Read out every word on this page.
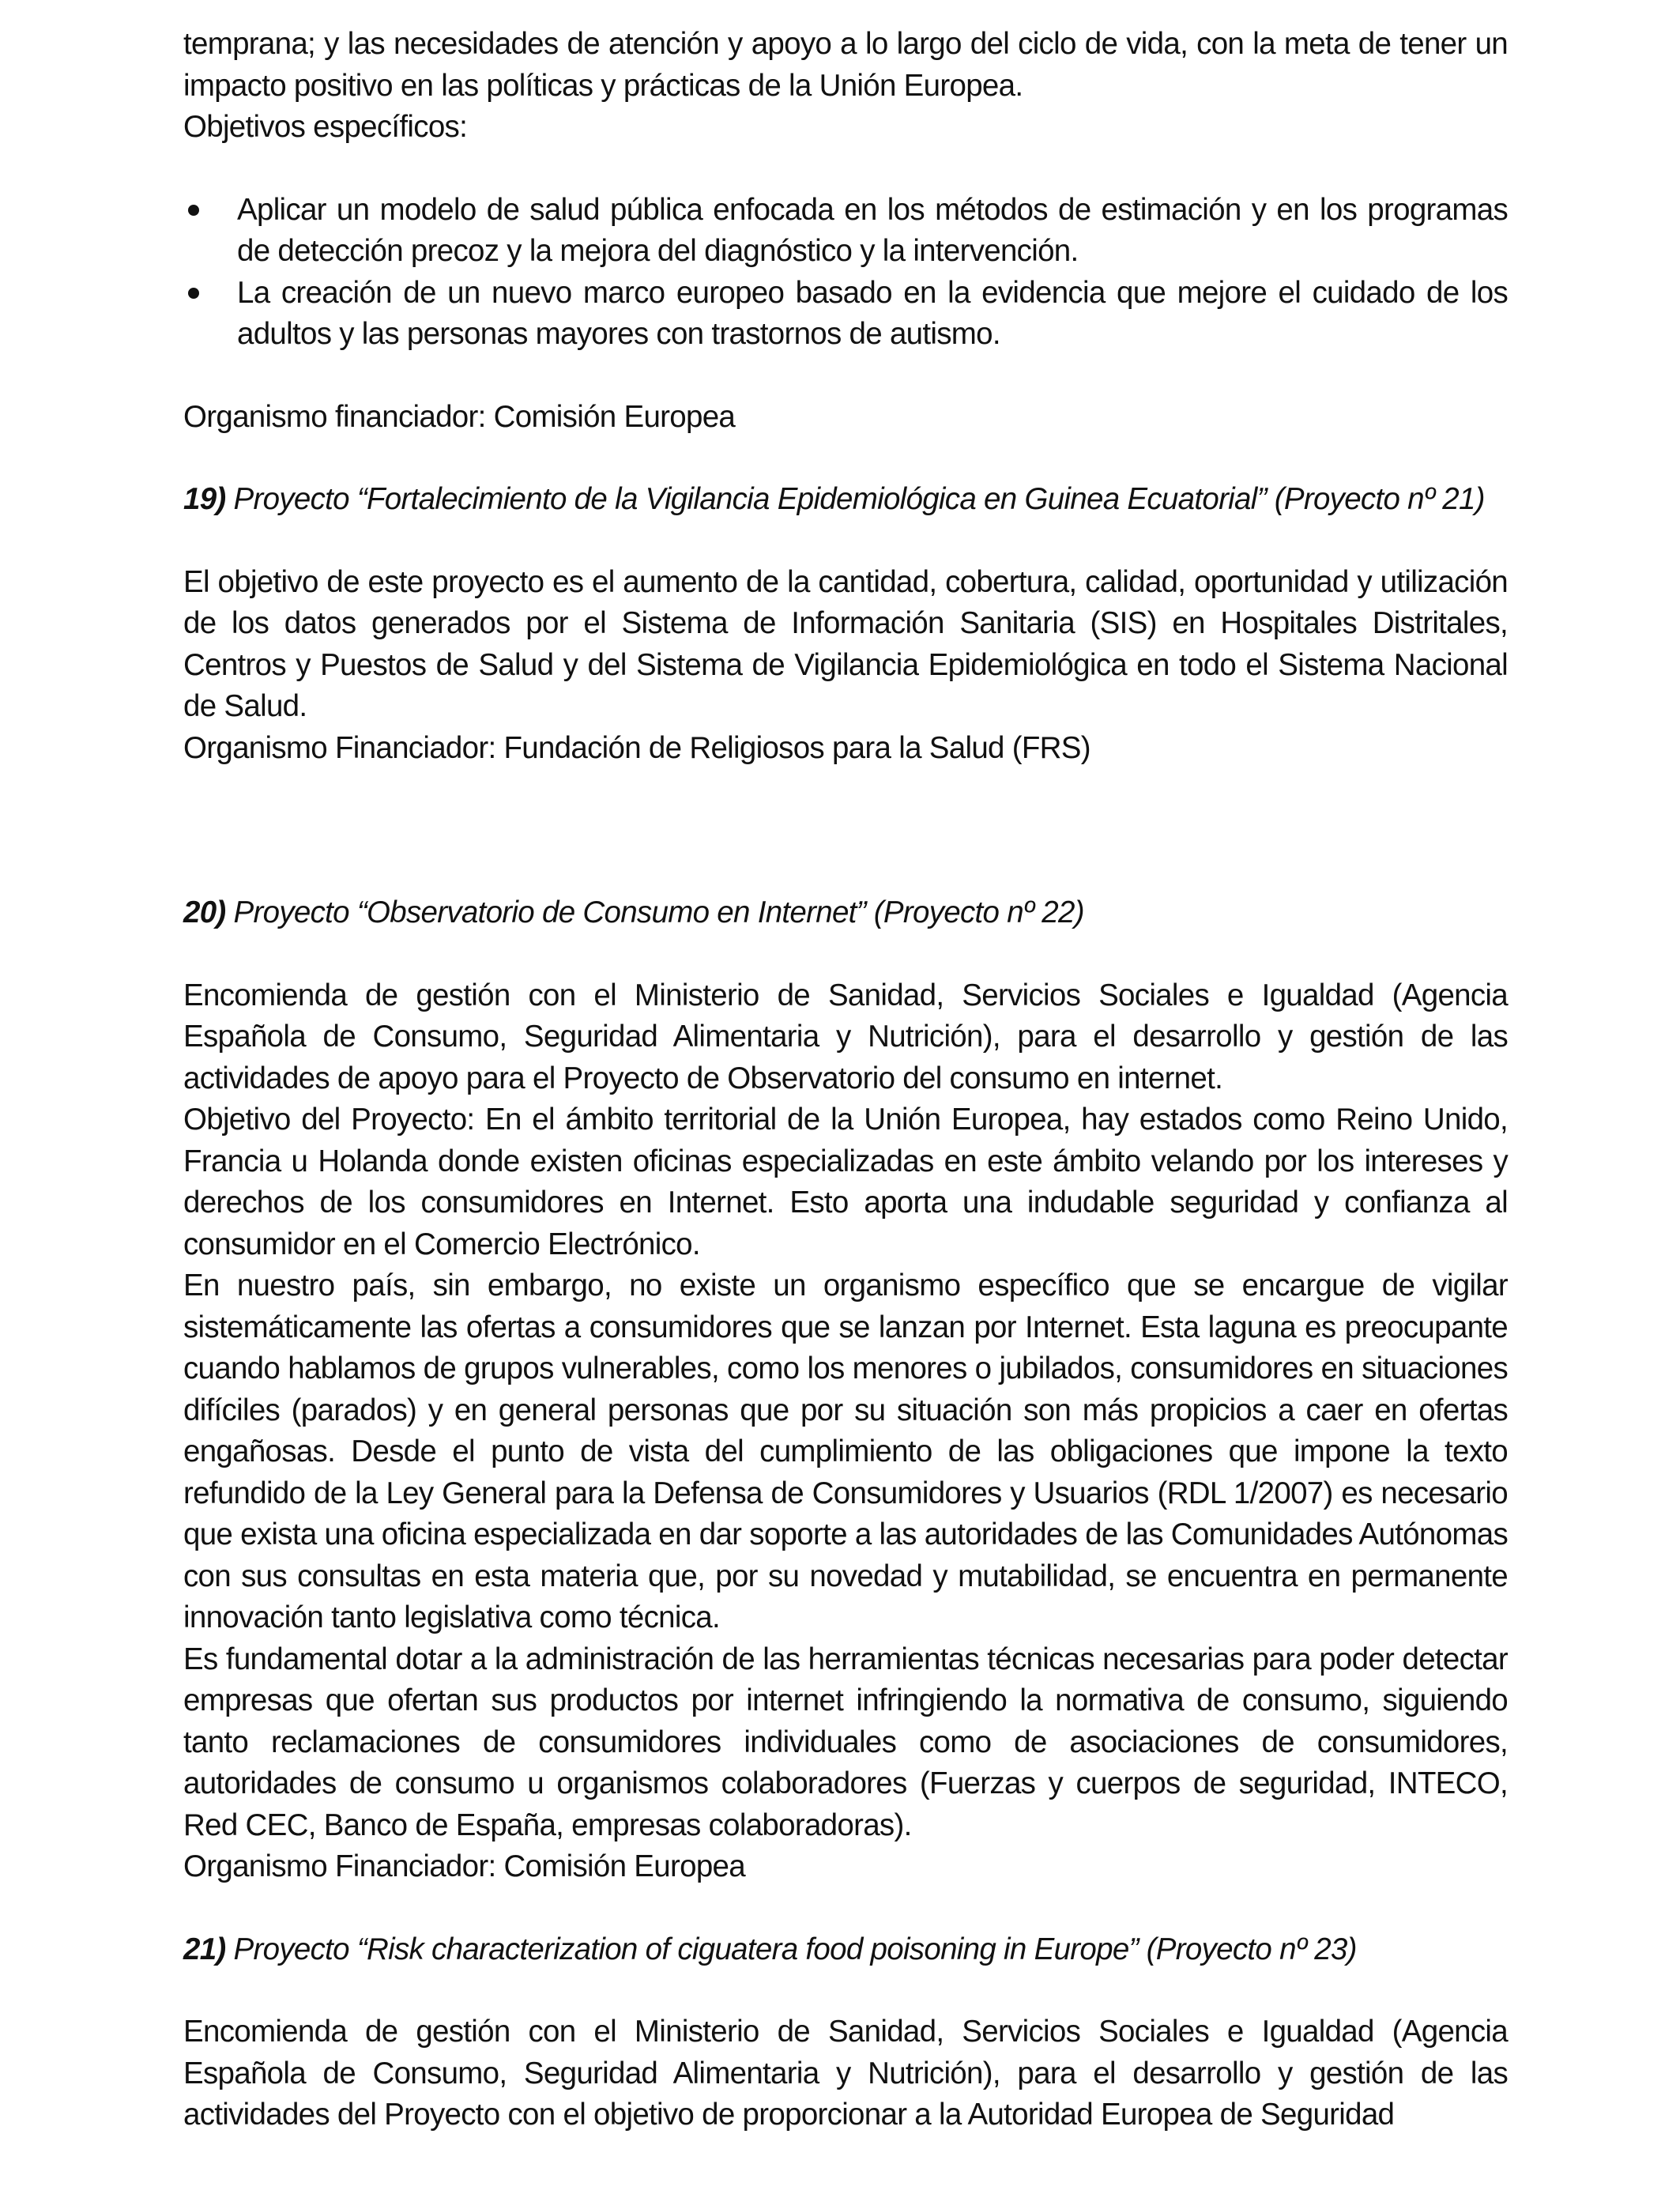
temprana; y las necesidades de atención y apoyo a lo largo del ciclo de vida, con la meta de tener un impacto positivo en las políticas y prácticas de la Unión Europea.

Objetivos específicos:

Aplicar un modelo de salud pública enfocada en los métodos de estimación y en los programas de detección precoz y la mejora del diagnóstico y la intervención.
La creación de un nuevo marco europeo basado en la evidencia que mejore el cuidado de los adultos y las personas mayores con trastornos de autismo.

Organismo financiador: Comisión Europea

19) Proyecto “Fortalecimiento de la Vigilancia Epidemiológica en Guinea Ecuatorial” (Proyecto nº 21)

El objetivo de este proyecto es el aumento de la cantidad, cobertura, calidad, oportunidad y utilización de los datos generados por el Sistema de Información Sanitaria (SIS) en Hospitales Distritales, Centros y Puestos de Salud y del Sistema de Vigilancia Epidemiológica en todo el Sistema Nacional de Salud.

Organismo Financiador: Fundación de Religiosos para la Salud (FRS)

20) Proyecto “Observatorio de Consumo en Internet” (Proyecto nº 22)

Encomienda de gestión con el Ministerio de Sanidad, Servicios Sociales e Igualdad (Agencia Española de Consumo, Seguridad Alimentaria y Nutrición), para el desarrollo y gestión de las actividades de apoyo para el Proyecto de Observatorio del consumo en internet.

Objetivo del Proyecto: En el ámbito territorial de la Unión Europea, hay estados como Reino Unido, Francia u Holanda donde existen oficinas especializadas en este ámbito velando por los intereses y derechos de los consumidores en Internet. Esto aporta una indudable seguridad y confianza al consumidor en el Comercio Electrónico.

En nuestro país, sin embargo, no existe un organismo específico que se encargue de vigilar sistemáticamente las ofertas a consumidores que se lanzan por Internet. Esta laguna es preocupante cuando hablamos de grupos vulnerables, como los menores o jubilados, consumidores en situaciones difíciles (parados) y en general personas que por su situación son más propicios a caer en ofertas engañosas. Desde el punto de vista del cumplimiento de las obligaciones que impone la texto refundido de la Ley General para la Defensa de Consumidores y Usuarios (RDL 1/2007) es necesario que exista una oficina especializada en dar soporte a las autoridades de las Comunidades Autónomas con sus consultas en esta materia que, por su novedad y mutabilidad, se encuentra en permanente innovación tanto legislativa como técnica.

Es fundamental dotar a la administración de las herramientas técnicas necesarias para poder detectar empresas que ofertan sus productos por internet infringiendo la normativa de consumo, siguiendo tanto reclamaciones de consumidores individuales como de asociaciones de consumidores, autoridades de consumo u organismos colaboradores (Fuerzas y cuerpos de seguridad, INTECO, Red CEC, Banco de España, empresas colaboradoras).

Organismo Financiador: Comisión Europea

21) Proyecto “Risk characterization of ciguatera food poisoning in Europe” (Proyecto nº 23)

Encomienda de gestión con el Ministerio de Sanidad, Servicios Sociales e Igualdad (Agencia Española de Consumo, Seguridad Alimentaria y Nutrición), para el desarrollo y gestión de las actividades del Proyecto con el objetivo de proporcionar a la Autoridad Europea de Seguridad
